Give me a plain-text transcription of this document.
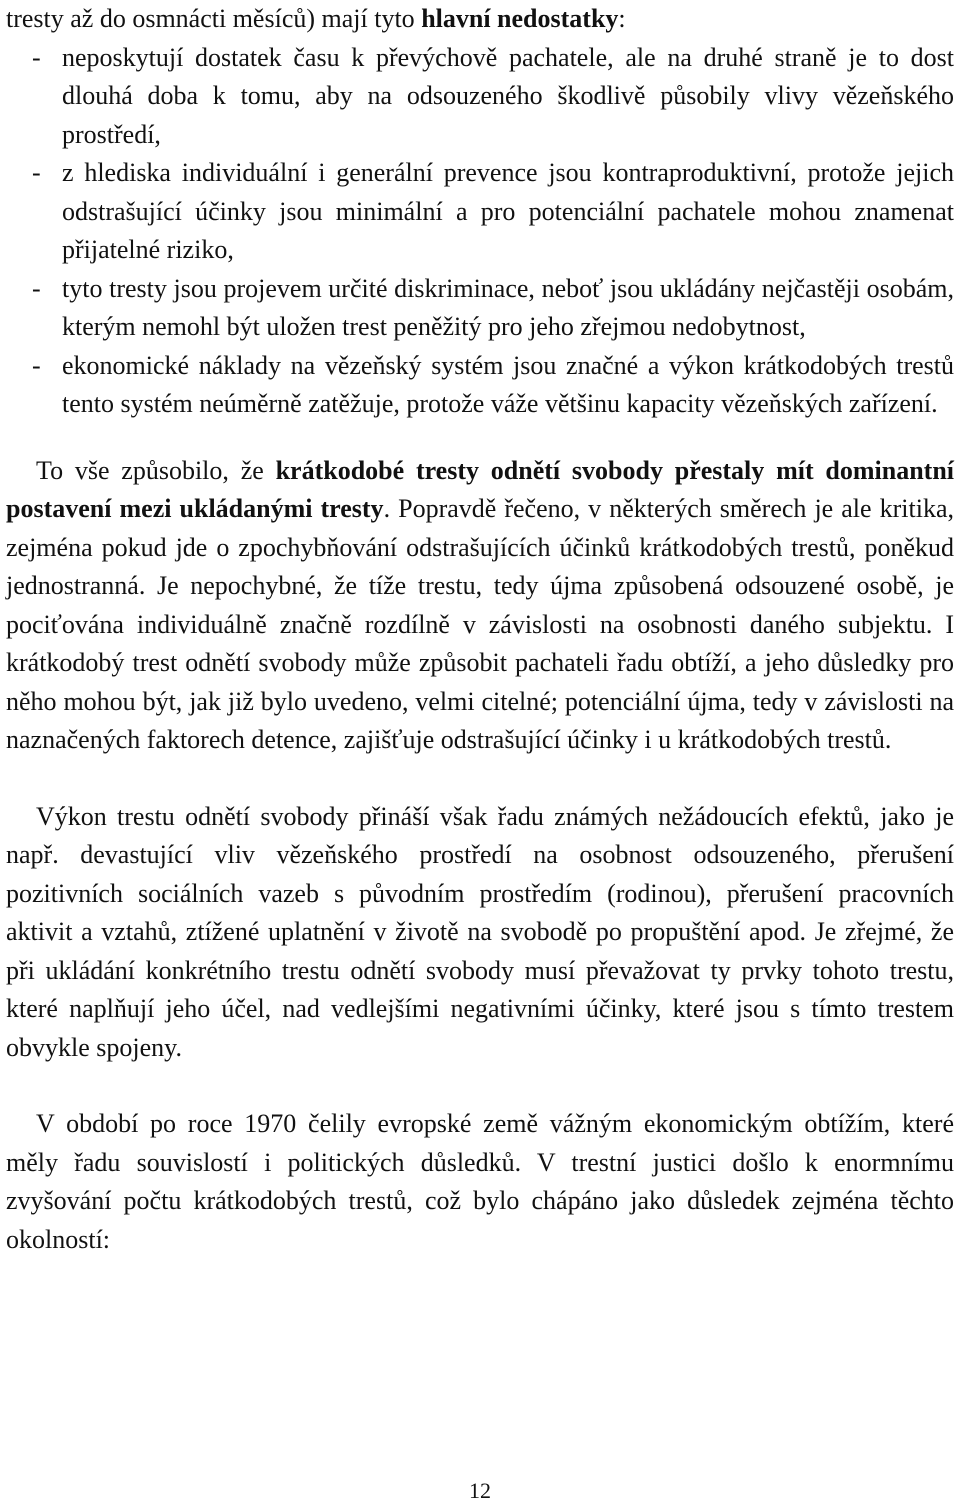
tresty až do osmnácti měsíců) mají tyto hlavní nedostatky:

- neposkytují dostatek času k převýchově pachatele, ale na druhé straně je to dost dlouhá doba k tomu, aby na odsouzeného škodlivě působily vlivy vězeňského prostředí,
- z hlediska individuální i generální prevence jsou kontraproduktivní, protože jejich odstrašující účinky jsou minimální a pro potenciální pachatele mohou znamenat přijatelné riziko,
- tyto tresty jsou projevem určité diskriminace, neboť jsou ukládány nejčastěji osobám, kterým nemohl být uložen trest peněžitý pro jeho zřejmou nedobytnost,
- ekonomické náklady na vězeňský systém jsou značné a výkon krátkodobých trestů tento systém neúměrně zatěžuje, protože váže většinu kapacity vězeňských zařízení.

To vše způsobilo, že krátkodobé tresty odnětí svobody přestaly mít dominantní postavení mezi ukládanými tresty. Popravdě řečeno, v některých směrech je ale kritika, zejména pokud jde o zpochybňování odstrašujících účinků krátkodobých trestů, poněkud jednostranná. Je nepochybné, že tíže trestu, tedy újma způsobená odsouzené osobě, je pociťována individuálně značně rozdílně v závislosti na osobnosti daného subjektu. I krátkodobý trest odnětí svobody může způsobit pachateli řadu obtíží, a jeho důsledky pro něho mohou být, jak již bylo uvedeno, velmi citelné; potenciální újma, tedy v závislosti na naznačených faktorech detence, zajišťuje odstrašující účinky i u krátkodobých trestů.

Výkon trestu odnětí svobody přináší však řadu známých nežádoucích efektů, jako je např. devastující vliv vězeňského prostředí na osobnost odsouzeného, přerušení pozitivních sociálních vazeb s původním prostředím (rodinou), přerušení pracovních aktivit a vztahů, ztížené uplatnění v životě na svobodě po propuštění apod. Je zřejmé, že při ukládání konkrétního trestu odnětí svobody musí převažovat ty prvky tohoto trestu, které naplňují jeho účel, nad vedlejšími negativními účinky, které jsou s tímto trestem obvykle spojeny.

V období po roce 1970 čelily evropské země vážným ekonomickým obtížím, které měly řadu souvislostí i politických důsledků. V trestní justici došlo k enormnímu zvyšování počtu krátkodobých trestů, což bylo chápáno jako důsledek zejména těchto okolností:

12
